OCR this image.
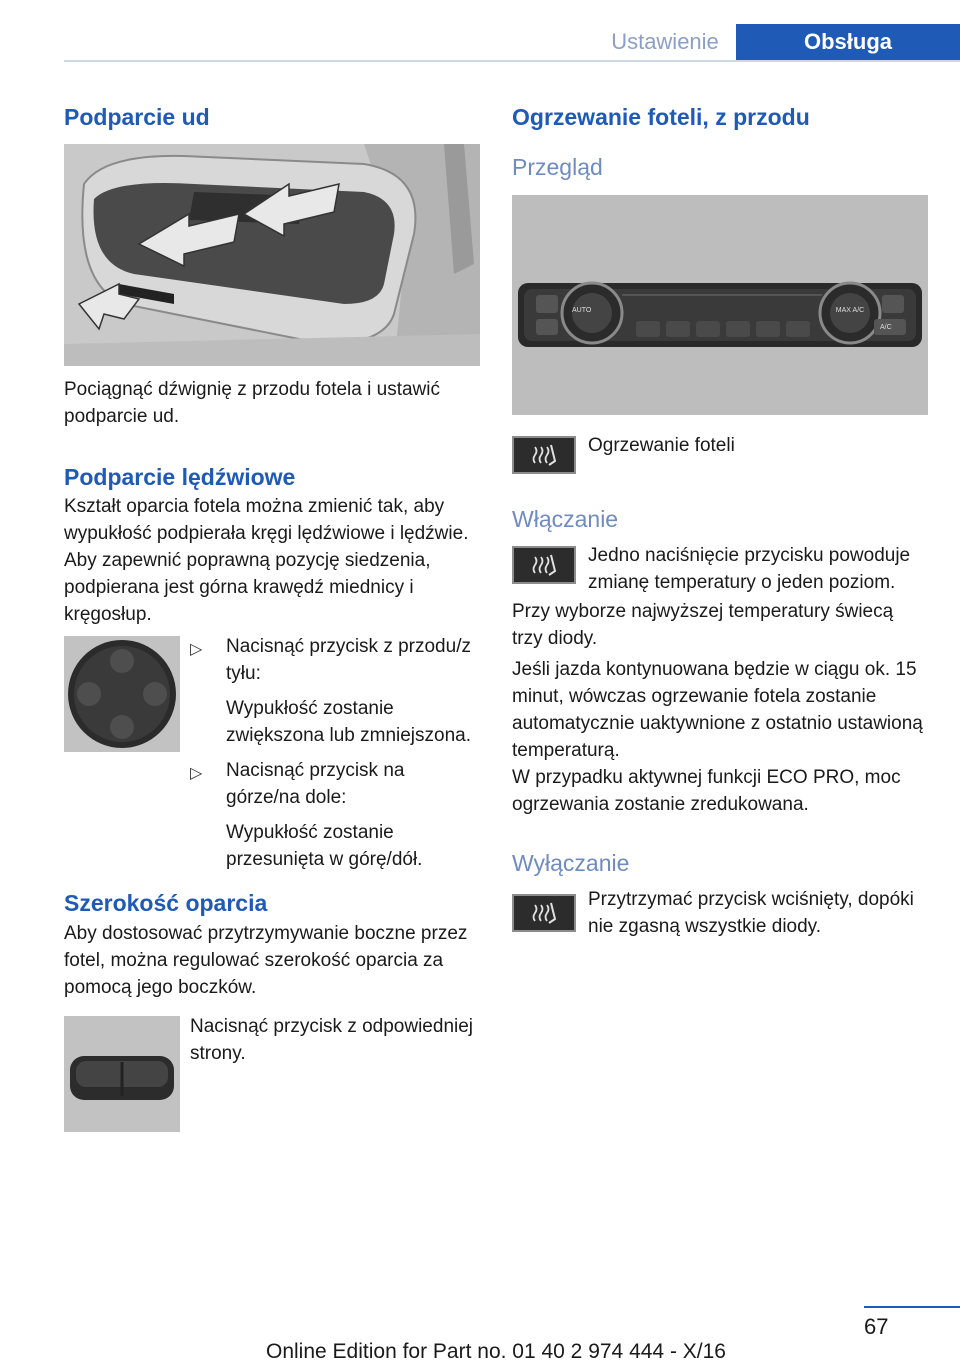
Ustawienie	Obsługa
Podparcie ud

Pociągnąć dźwignię z przodu fotela i ustawić podparcie ud.

Podparcie lędźwiowe

Kształt oparcia fotela można zmienić tak, aby wypukłość podpierała kręgi lędźwiowe i lędźwie. Aby zapewnić poprawną pozycję siedzenia, podpierana jest górna krawędź miednicy i kręgosłup.

▷ Nacisnąć przycisk z przodu/z tyłu:
Wypukłość zostanie zwiększona lub zmniejszona.
▷ Nacisnąć przycisk na górze/na dole:
Wypukłość zostanie przesunięta w górę/dół.
Szerokość oparcia

Aby dostosować przytrzymywanie boczne przez fotel, można regulować szerokość oparcia za pomocą jego boczków.

Nacisnąć przycisk z odpowiedniej strony.

Ogrzewanie foteli, z przodu
Przegląd
AUTO	MAX A/C
A/C

Ogrzewanie foteli

Włączanie

Jedno naciśnięcie przycisku powoduje zmianę temperatury o jeden poziom.

Przy wyborze najwyższej temperatury świecą trzy diody.

Jeśli jazda kontynuowana będzie w ciągu ok. 15 minut, wówczas ogrzewanie fotela zostanie automatycznie uaktywnione z ostatnio ustawioną temperaturą.

W przypadku aktywnej funkcji ECO PRO, moc ogrzewania zostanie zredukowana.

Wyłączanie

Przytrzymać przycisk wciśnięty, dopóki nie zgasną wszystkie diody.

67
Online Edition for Part no. 01 40 2 974 444 - X/16
